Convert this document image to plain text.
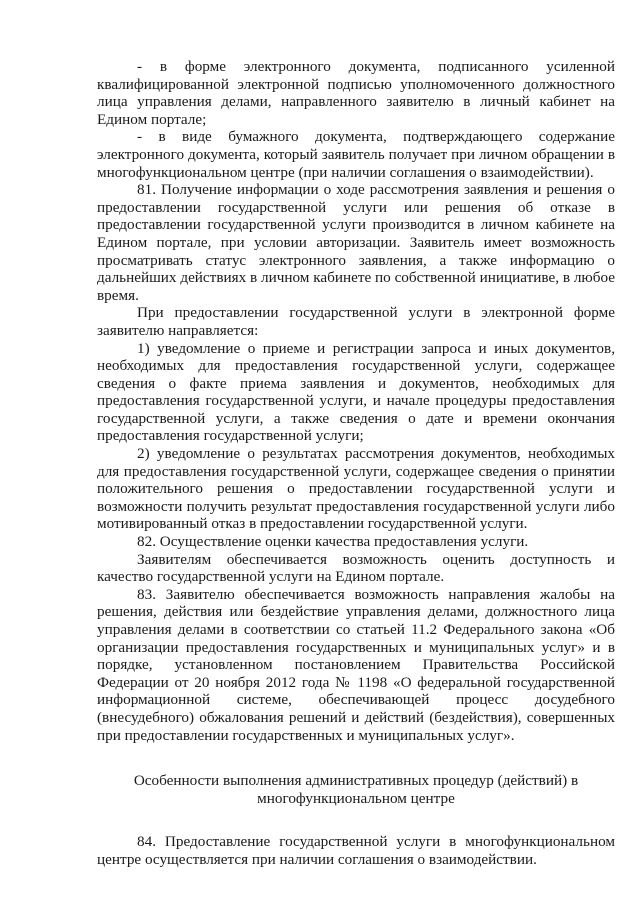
- в форме электронного документа, подписанного усиленной квалифицированной электронной подписью уполномоченного должностного лица управления делами, направленного заявителю в личный кабинет на Едином портале;

- в виде бумажного документа, подтверждающего содержание электронного документа, который заявитель получает при личном обращении в многофункциональном центре (при наличии соглашения о взаимодействии).

81. Получение информации о ходе рассмотрения заявления и решения о предоставлении государственной услуги или решения об отказе в предоставлении государственной услуги производится в личном кабинете на Едином портале, при условии авторизации. Заявитель имеет возможность просматривать статус электронного заявления, а также информацию о дальнейших действиях в личном кабинете по собственной инициативе, в любое время.

При предоставлении государственной услуги в электронной форме заявителю направляется:

1) уведомление о приеме и регистрации запроса и иных документов, необходимых для предоставления государственной услуги, содержащее сведения о факте приема заявления и документов, необходимых для предоставления государственной услуги, и начале процедуры предоставления государственной услуги, а также сведения о дате и времени окончания предоставления государственной услуги;

2) уведомление о результатах рассмотрения документов, необходимых для предоставления государственной услуги, содержащее сведения о принятии положительного решения о предоставлении государственной услуги и возможности получить результат предоставления государственной услуги либо мотивированный отказ в предоставлении государственной услуги.

82. Осуществление оценки качества предоставления услуги.

Заявителям обеспечивается возможность оценить доступность и качество государственной услуги на Едином портале.

83. Заявителю обеспечивается возможность направления жалобы на решения, действия или бездействие управления делами, должностного лица управления делами в соответствии со статьей 11.2 Федерального закона «Об организации предоставления государственных и муниципальных услуг» и в порядке, установленном постановлением Правительства Российской Федерации от 20 ноября 2012 года № 1198 «О федеральной государственной информационной системе, обеспечивающей процесс досудебного (внесудебного) обжалования решений и действий (бездействия), совершенных при предоставлении государственных и муниципальных услуг».

Особенности выполнения административных процедур (действий) в многофункциональном центре

84. Предоставление государственной услуги в многофункциональном центре осуществляется при наличии соглашения о взаимодействии.
